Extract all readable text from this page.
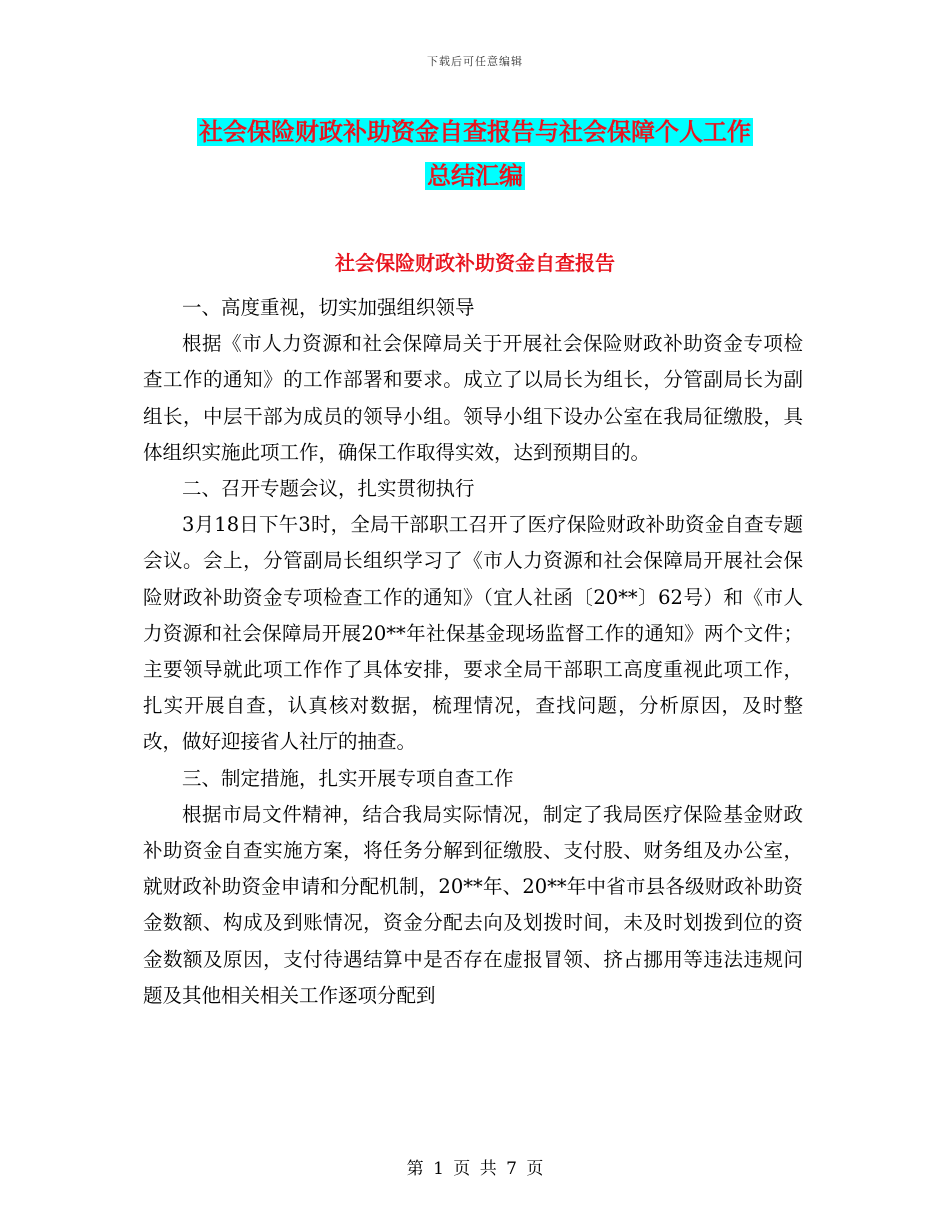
下载后可任意编辑
社会保险财政补助资金自查报告与社会保障个人工作
总结汇编
社会保险财政补助资金自查报告

一、高度重视，切实加强组织领导

根据《市人力资源和社会保障局关于开展社会保险财政补助资金专项检查工作的通知》的工作部署和要求。成立了以局长为组长，分管副局长为副组长，中层干部为成员的领导小组。领导小组下设办公室在我局征缴股，具体组织实施此项工作，确保工作取得实效，达到预期目的。

二、召开专题会议，扎实贯彻执行

3月18日下午3时，全局干部职工召开了医疗保险财政补助资金自查专题会议。会上，分管副局长组织学习了《市人力资源和社会保障局开展社会保险财政补助资金专项检查工作的通知》（宜人社函〔20**〕62号）和《市人力资源和社会保障局开展20**年社保基金现场监督工作的通知》两个文件；主要领导就此项工作作了具体安排，要求全局干部职工高度重视此项工作，扎实开展自查，认真核对数据，梳理情况，查找问题，分析原因，及时整改，做好迎接省人社厅的抽查。

三、制定措施，扎实开展专项自查工作

根据市局文件精神，结合我局实际情况，制定了我局医疗保险基金财政补助资金自查实施方案，将任务分解到征缴股、支付股、财务组及办公室，就财政补助资金申请和分配机制，20**年、20**年中省市县各级财政补助资金数额、构成及到账情况，资金分配去向及划拨时间，未及时划拨到位的资金数额及原因，支付待遇结算中是否存在虚报冒领、挤占挪用等违法违规问题及其他相关相关工作逐项分配到

第 1 页 共 7 页
